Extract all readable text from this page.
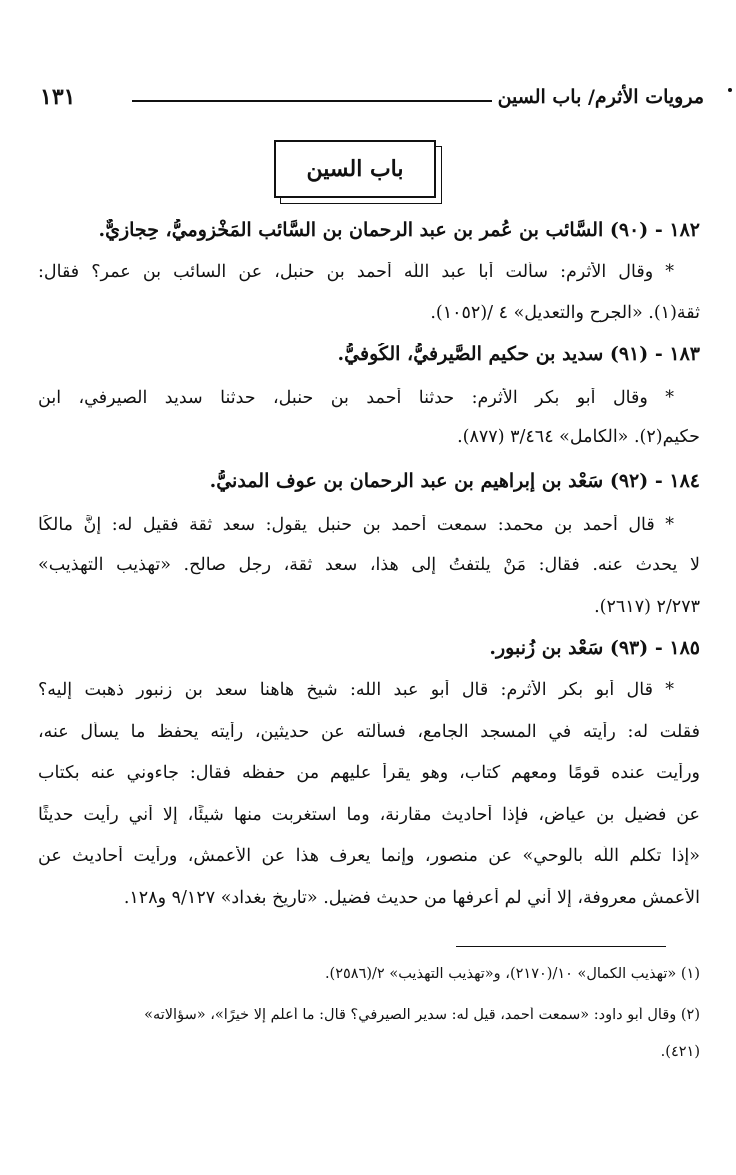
مرويات الأثرم/ باب السين
١٣١
باب السين
١٨٢ - (٩٠) السَّائب بن عُمر بن عبد الرحمان بن السَّائب المَخْزوميُّ، حِجازيٌّ.
* وقال الأثرم: سألت أبا عبد اللَّه أحمد بن حنبل، عن السائب بن عمر؟ فقال:
ثقة(١). «الجرح والتعديل» ٤ /(١٠٥٢).
١٨٣ - (٩١) سديد بن حكيم الصَّيرفيُّ، الكُوفيُّ.
* وقال أبو بكر الأثرم: حدثنا أحمد بن حنبل، حدثنا سديد الصيرفي، ابن
حكيم(٢). «الكامل» ٣/٤٦٤ (٨٧٧).
١٨٤ - (٩٢) سَعْد بن إبراهيم بن عبد الرحمان بن عوف المدنيُّ.
* قال أحمد بن محمد: سمعت أحمد بن حنبل يقول: سعد ثقة فقيل له: إنَّ مالكًا
لا يحدث عنه. فقال: مَنْ يلتفتُ إلى هذا، سعد ثقة، رجل صالح. «تهذيب التهذيب»
٢/٢٧٣ (٢٦١٧).
١٨٥ - (٩٣) سَعْد بن زُنبور.
* قال أبو بكر الأثرم: قال أبو عبد الله: شيخ هاهنا سعد بن زنبور ذهبت إليه؟
فقلت له: رأيته في المسجد الجامع، فسألته عن حديثين، رأيته يحفظ ما يسأل عنه،
ورأيت عنده قومًا ومعهم كتاب، وهو يقرأ عليهم من حفظه فقال: جاءوني عنه بكتاب
عن فضيل بن عياض، فإذا أحاديث مقارنة، وما استغربت منها شيئًا، إلا أني رأيت حديثًا
«إذا تكلم اللَّه بالوحي» عن منصور، وإنما يعرف هذا عن الأعمش، ورأيت أحاديث عن
الأعمش معروفة، إلا أني لم أعرفها من حديث فضيل. «تاريخ بغداد» ٩/١٢٧ و١٢٨.
(١) «تهذيب الكمال» ١٠/(٢١٧٠)، و«تهذيب التهذيب» ٢/(٢٥٨٦).
(٢) وقال أبو داود: «سمعت أحمد، قيل له: سدير الصيرفي؟ قال: ما أعلم إلا خيرًا»، «سؤالاته»
(٤٢١).
